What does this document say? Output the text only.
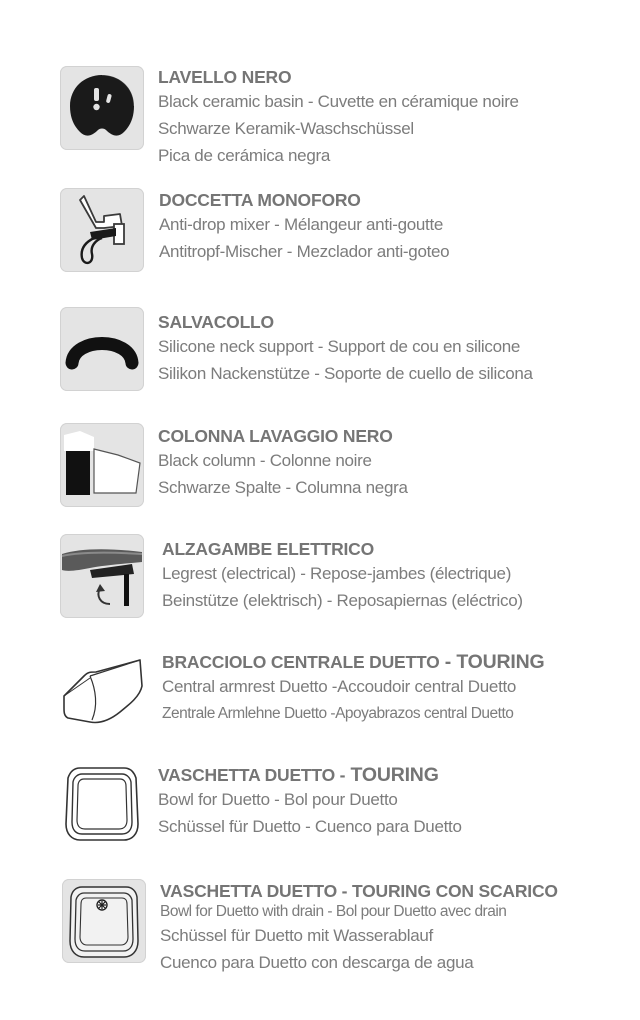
LAVELLO NERO
Black ceramic basin - Cuvette en céramique noire
Schwarze Keramik-Waschschüssel
Pica de cerámica negra
DOCCETTA MONOFORO
Anti-drop mixer - Mélangeur anti-goutte
Antitropf-Mischer - Mezclador anti-goteo
SALVACOLLO
Silicone neck support - Support de cou en silicone
Silikon Nackenstütze - Soporte de cuello de silicona
COLONNA LAVAGGIO NERO
Black column - Colonne noire
Schwarze Spalte - Columna negra
ALZAGAMBE ELETTRICO
Legrest (electrical) - Repose-jambes (électrique)
Beinstütze (elektrisch) - Reposapiernas (eléctrico)
BRACCIOLO CENTRALE DUETTO - TOURING
Central armrest Duetto -Accoudoir central Duetto
Zentrale Armlehne Duetto -Apoyabrazos central Duetto
VASCHETTA DUETTO - TOURING
Bowl for Duetto - Bol pour Duetto
Schüssel für Duetto - Cuenco para Duetto
VASCHETTA DUETTO - TOURING CON SCARICO
Bowl for Duetto with drain - Bol pour Duetto avec drain
Schüssel für Duetto mit Wasserablauf
Cuenco para Duetto con descarga de agua
